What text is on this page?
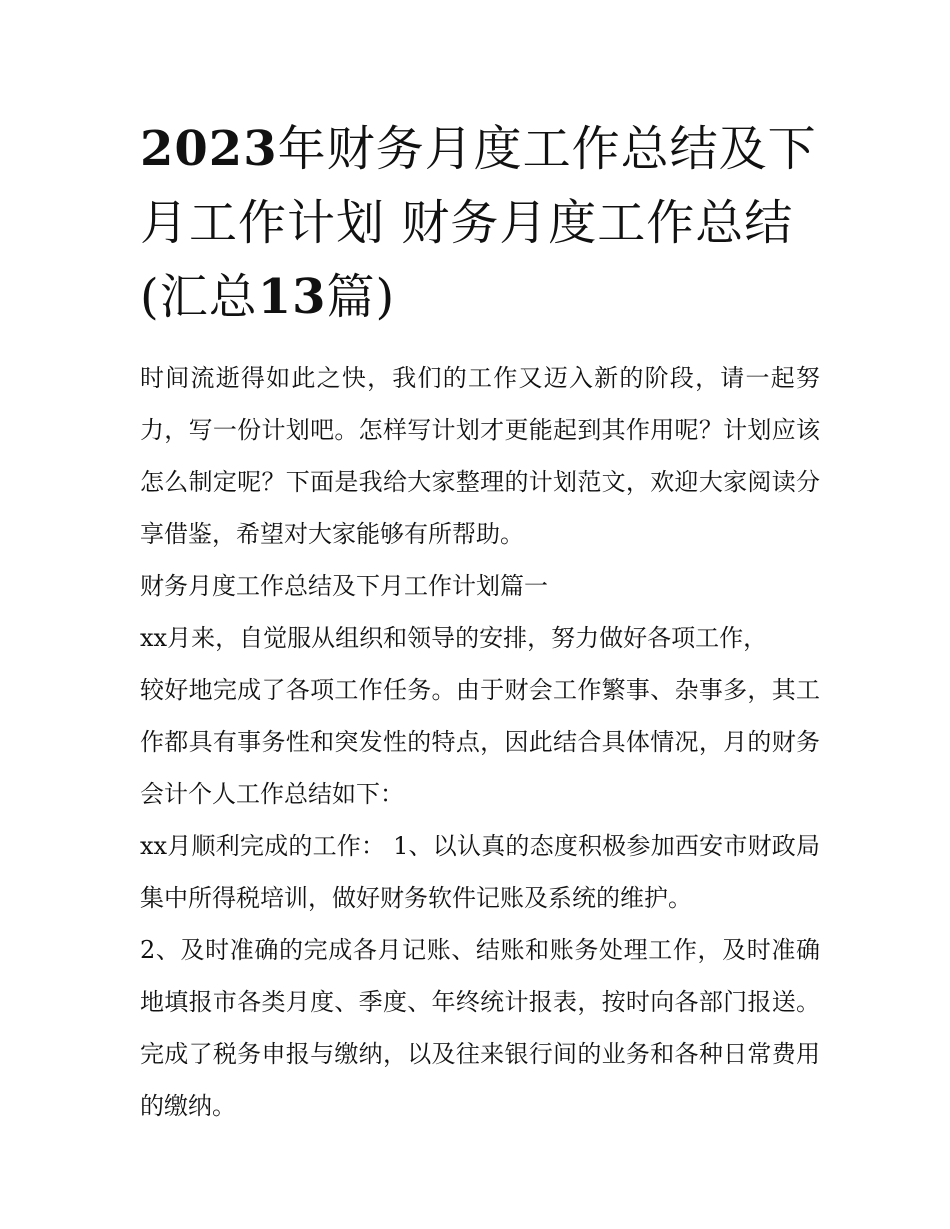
2023年财务月度工作总结及下月工作计划 财务月度工作总结(汇总13篇)

时间流逝得如此之快，我们的工作又迈入新的阶段，请一起努力，写一份计划吧。怎样写计划才更能起到其作用呢？计划应该怎么制定呢？下面是我给大家整理的计划范文，欢迎大家阅读分享借鉴，希望对大家能够有所帮助。

财务月度工作总结及下月工作计划篇一

xx月来，自觉服从组织和领导的安排，努力做好各项工作，

较好地完成了各项工作任务。由于财会工作繁事、杂事多，其工作都具有事务性和突发性的特点，因此结合具体情况，月的财务会计个人工作总结如下：

xx月顺利完成的工作： 1、以认真的态度积极参加西安市财政局集中所得税培训，做好财务软件记账及系统的维护。

2、及时准确的完成各月记账、结账和账务处理工作，及时准确地填报市各类月度、季度、年终统计报表，按时向各部门报送。完成了税务申报与缴纳，以及往来银行间的业务和各种日常费用的缴纳。
